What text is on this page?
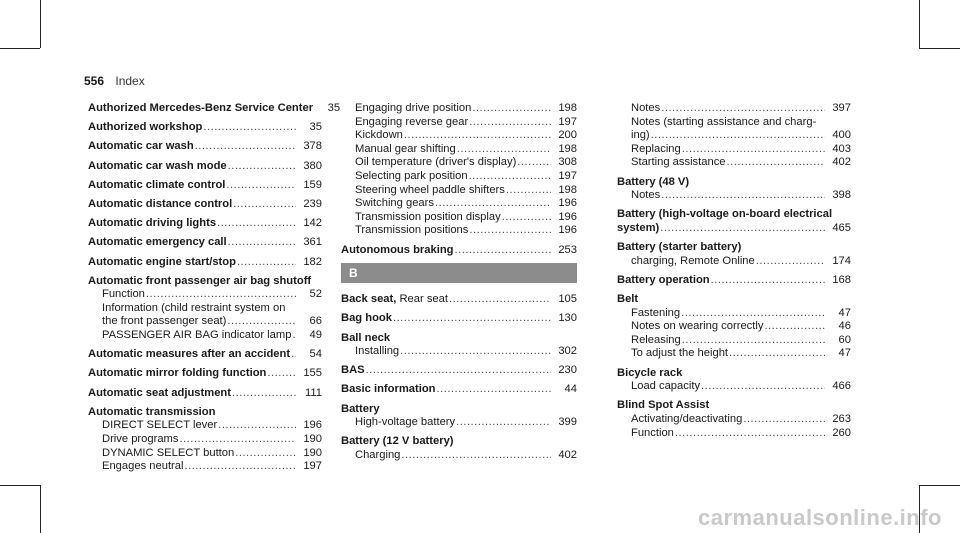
556 Index
Authorized Mercedes-Benz Service Center	35
Authorized workshop .....	35
Automatic car wash .....	378
Automatic car wash mode .....	380
Automatic climate control .....	159
Automatic distance control .....	239
Automatic driving lights .....	142
Automatic emergency call .....	361
Automatic engine start/stop .....	182
Automatic front passenger air bag shutoff
Function .....	52
Information (child restraint system on
the front passenger seat) .....	66
PASSENGER AIR BAG indicator lamp .....	49
Automatic measures after an accident .....	54
Automatic mirror folding function .....	155
Automatic seat adjustment .....	111
Automatic transmission
DIRECT SELECT lever .....	196
Drive programs .....	190
DYNAMIC SELECT button .....	190
Engages neutral .....	197
Engaging drive position .....	198
Engaging reverse gear .....	197
Kickdown .....	200
Manual gear shifting .....	198
Oil temperature (driver's display) .....	308
Selecting park position .....	197
Steering wheel paddle shifters .....	198
Switching gears .....	196
Transmission position display .....	196
Transmission positions .....	196
Autonomous braking .....	253
B
Back seat, Rear seat .....	105
Bag hook .....	130
Ball neck
Installing .....	302
BAS .....	230
Basic information .....	44
Battery
High-voltage battery .....	399
Battery (12 V battery)
Charging .....	402
Notes .....	397
Notes (starting assistance and charg-
ing) .....	400
Replacing .....	403
Starting assistance .....	402
Battery (48 V)
Notes .....	398
Battery (high-voltage on-board electrical
system) .....	465
Battery (starter battery)
charging, Remote Online .....	174
Battery operation .....	168
Belt
Fastening .....	47
Notes on wearing correctly .....	46
Releasing .....	60
To adjust the height .....	47
Bicycle rack
Load capacity .....	466
Blind Spot Assist
Activating/deactivating .....	263
Function .....	260
carmanualsonline.info
